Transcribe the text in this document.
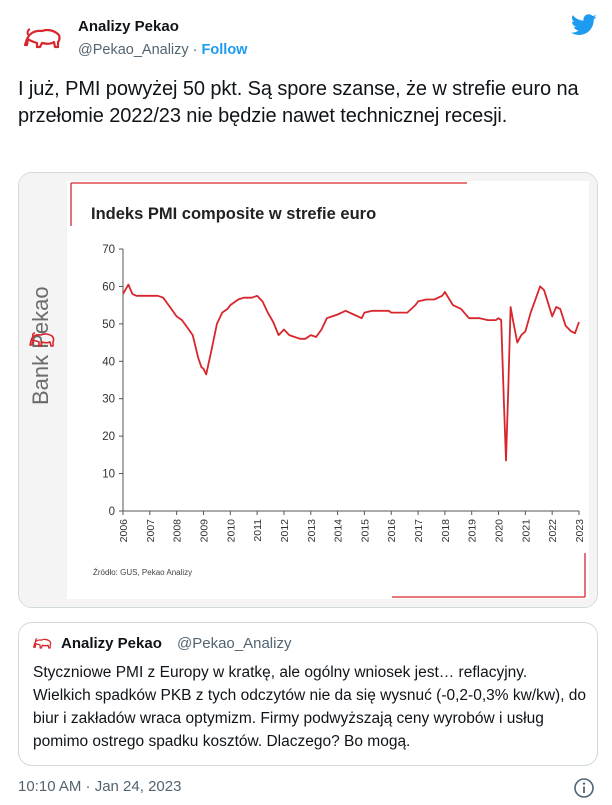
Analizy Pekao
@Pekao_Analizy · Follow
I już, PMI powyżej 50 pkt. Są spore szanse, że w strefie euro na przełomie 2022/23 nie będzie nawet technicznej recesji.
Bank Pekao
Indeks PMI composite w strefie euro
0
10
20
30
40
50
60
70
2006 2007 2008 2009 2010 2011 2012 2013 2014 2015 2016 2017 2018 2019 2020 2021 2022 2023
Źródło: GUS, Pekao Analizy
Analizy Pekao @Pekao_Analizy
Styczniowe PMI z Europy w kratkę, ale ogólny wniosek jest… reflacyjny. Wielkich spadków PKB z tych odczytów nie da się wysnuć (-0,2-0,3% kw/kw), do biur i zakładów wraca optymizm. Firmy podwyższają ceny wyrobów i usług pomimo ostrego spadku kosztów. Dlaczego? Bo mogą.
10:10 AM · Jan 24, 2023
